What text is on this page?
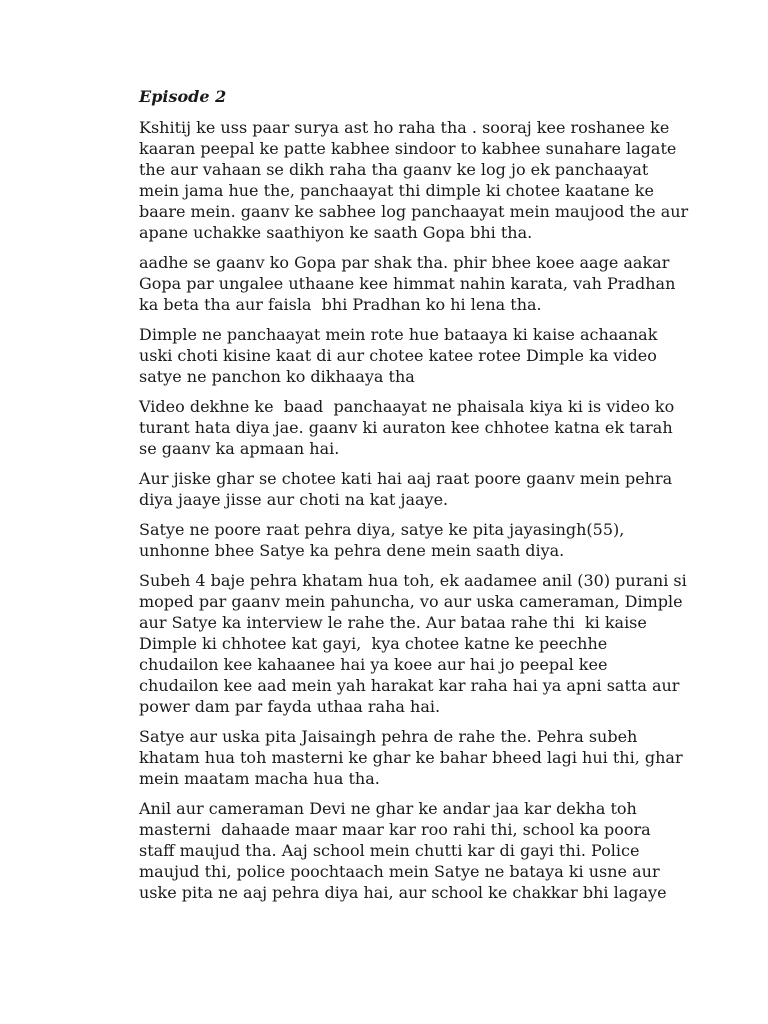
Episode 2

Kshitij ke uss paar surya ast ho raha tha . sooraj kee roshanee ke kaaran peepal ke patte kabhee sindoor to kabhee sunahare lagate the aur vahaan se dikh raha tha gaanv ke log jo ek panchaayat mein jama hue the, panchaayat thi dimple ki chotee kaatane ke baare mein. gaanv ke sabhee log panchaayat mein maujood the aur apane uchakke saathiyon ke saath Gopa bhi tha.

aadhe se gaanv ko Gopa par shak tha. phir bhee koee aage aakar Gopa par ungalee uthaane kee himmat nahin karata, vah Pradhan ka beta tha aur faisla  bhi Pradhan ko hi lena tha.

Dimple ne panchaayat mein rote hue bataaya ki kaise achaanak uski choti kisine kaat di aur chotee katee rotee Dimple ka video satye ne panchon ko dikhaaya tha

Video dekhne ke  baad  panchaayat ne phaisala kiya ki is video ko turant hata diya jae. gaanv ki auraton kee chhotee katna ek tarah se gaanv ka apmaan hai.

Aur jiske ghar se chotee kati hai aaj raat poore gaanv mein pehra diya jaaye jisse aur choti na kat jaaye.

Satye ne poore raat pehra diya, satye ke pita jayasingh(55), unhonne bhee Satye ka pehra dene mein saath diya.

Subeh 4 baje pehra khatam hua toh, ek aadamee anil (30) purani si moped par gaanv mein pahuncha, vo aur uska cameraman, Dimple aur Satye ka interview le rahe the. Aur bataa rahe thi  ki kaise Dimple ki chhotee kat gayi,  kya chotee katne ke peechhe chudailon kee kahaanee hai ya koee aur hai jo peepal kee chudailon kee aad mein yah harakat kar raha hai ya apni satta aur power dam par fayda uthaa raha hai.

Satye aur uska pita Jaisaingh pehra de rahe the. Pehra subeh khatam hua toh masterni ke ghar ke bahar bheed lagi hui thi, ghar mein maatam macha hua tha.

Anil aur cameraman Devi ne ghar ke andar jaa kar dekha toh masterni  dahaade maar maar kar roo rahi thi, school ka poora staff maujud tha. Aaj school mein chutti kar di gayi thi. Police maujud thi, police poochtaach mein Satye ne bataya ki usne aur uske pita ne aaj pehra diya hai, aur school ke chakkar bhi lagaye
